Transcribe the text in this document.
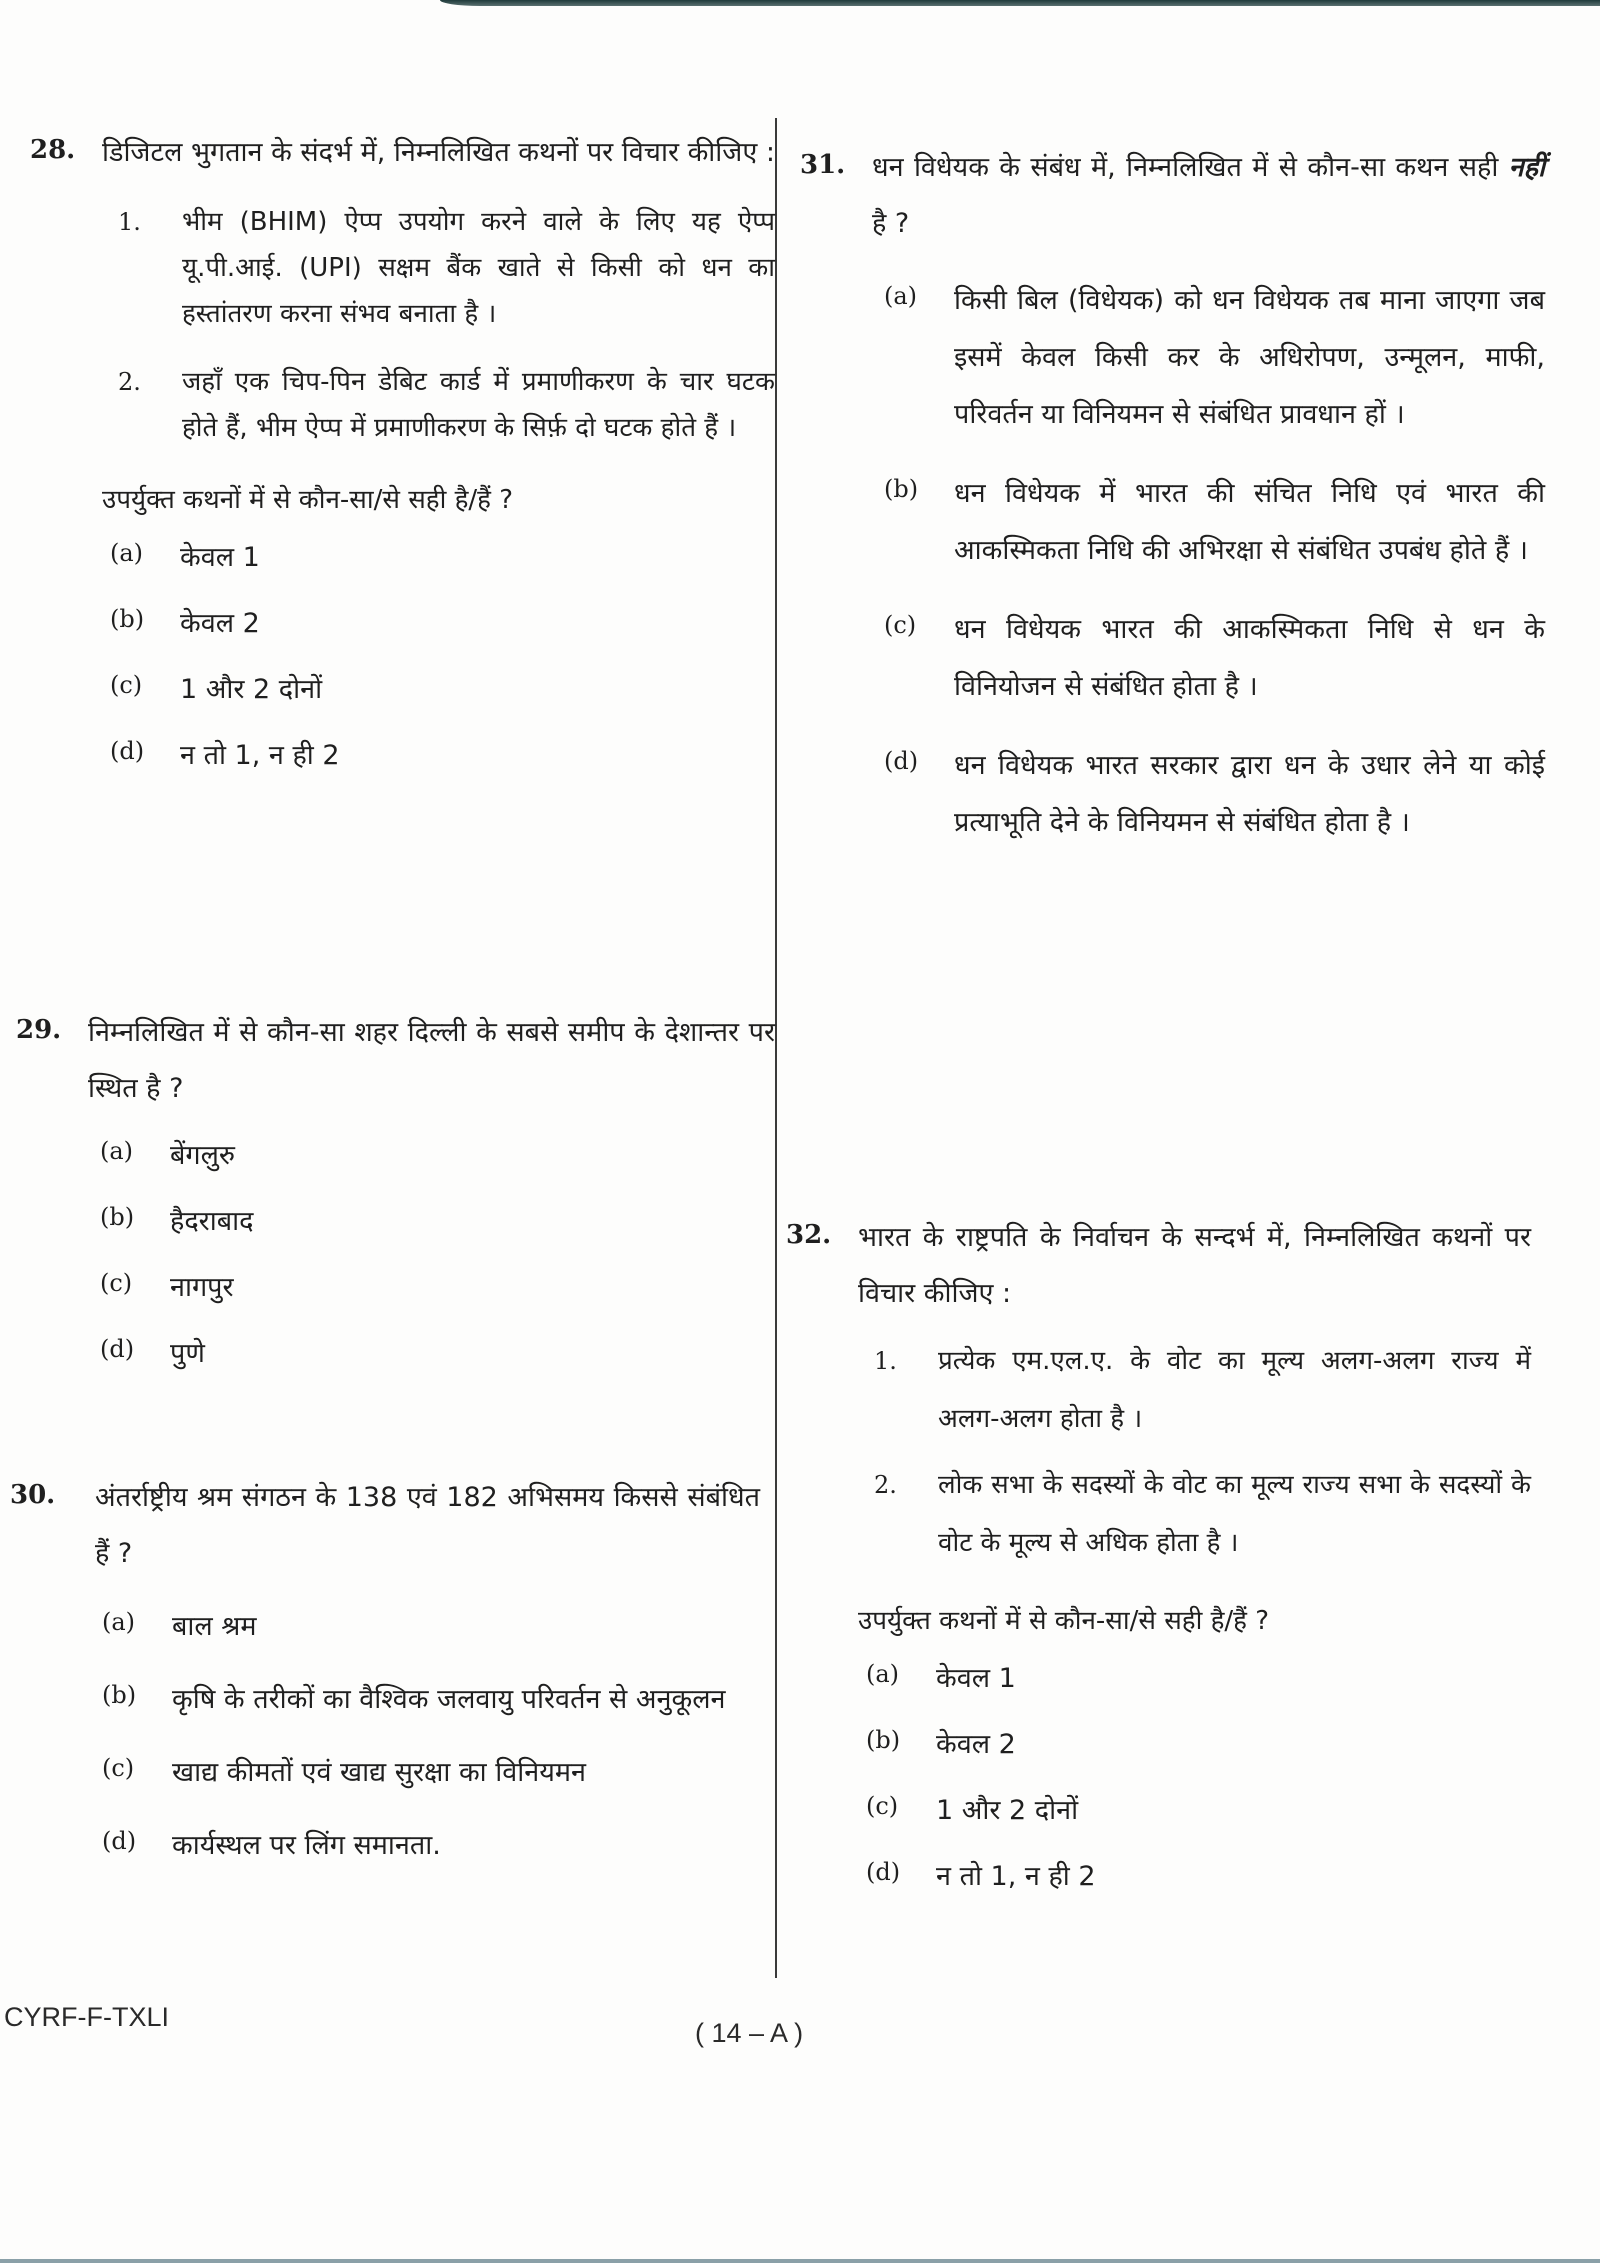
28. डिजिटल भुगतान के संदर्भ में, निम्नलिखित कथनों पर विचार कीजिए :
1. भीम (BHIM) ऐप्प उपयोग करने वाले के लिए यह ऐप्प यू.पी.आई. (UPI) सक्षम बैंक खाते से किसी को धन का हस्तांतरण करना संभव बनाता है ।
2. जहाँ एक चिप-पिन डेबिट कार्ड में प्रमाणीकरण के चार घटक होते हैं, भीम ऐप्प में प्रमाणीकरण के सिर्फ़ दो घटक होते हैं ।
उपर्युक्त कथनों में से कौन-सा/से सही है/हैं ?
(a) केवल 1
(b) केवल 2
(c) 1 और 2 दोनों
(d) न तो 1, न ही 2
29. निम्नलिखित में से कौन-सा शहर दिल्ली के सबसे समीप के देशान्तर पर स्थित है ?
(a) बेंगलुरु
(b) हैदराबाद
(c) नागपुर
(d) पुणे
30. अंतर्राष्ट्रीय श्रम संगठन के 138 एवं 182 अभिसमय किससे संबंधित हैं ?
(a) बाल श्रम
(b) कृषि के तरीकों का वैश्विक जलवायु परिवर्तन से अनुकूलन
(c) खाद्य कीमतों एवं खाद्य सुरक्षा का विनियमन
(d) कार्यस्थल पर लिंग समानता.
31. धन विधेयक के संबंध में, निम्नलिखित में से कौन-सा कथन सही नहीं है ?
(a) किसी बिल (विधेयक) को धन विधेयक तब माना जाएगा जब इसमें केवल किसी कर के अधिरोपण, उन्मूलन, माफी, परिवर्तन या विनियमन से संबंधित प्रावधान हों ।
(b) धन विधेयक में भारत की संचित निधि एवं भारत की आकस्मिकता निधि की अभिरक्षा से संबंधित उपबंध होते हैं ।
(c) धन विधेयक भारत की आकस्मिकता निधि से धन के विनियोजन से संबंधित होता है ।
(d) धन विधेयक भारत सरकार द्वारा धन के उधार लेने या कोई प्रत्याभूति देने के विनियमन से संबंधित होता है ।
32. भारत के राष्ट्रपति के निर्वाचन के सन्दर्भ में, निम्नलिखित कथनों पर विचार कीजिए :
1. प्रत्येक एम.एल.ए. के वोट का मूल्य अलग-अलग राज्य में अलग-अलग होता है ।
2. लोक सभा के सदस्यों के वोट का मूल्य राज्य सभा के सदस्यों के वोट के मूल्य से अधिक होता है ।
उपर्युक्त कथनों में से कौन-सा/से सही है/हैं ?
(a) केवल 1
(b) केवल 2
(c) 1 और 2 दोनों
(d) न तो 1, न ही 2
CYRF-F-TXLI
( 14 – A )
